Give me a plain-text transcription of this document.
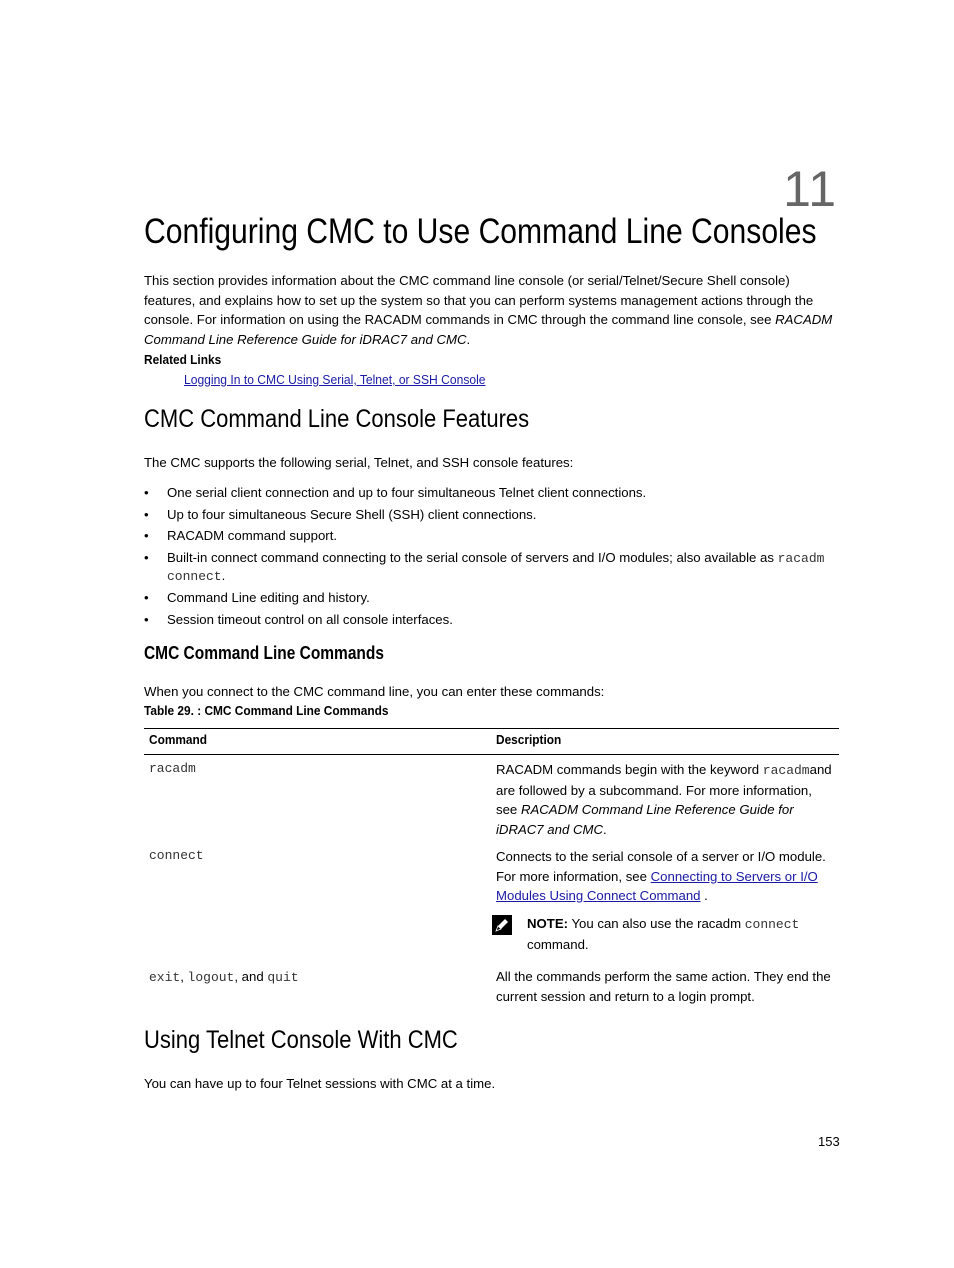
11
Configuring CMC to Use Command Line Consoles
This section provides information about the CMC command line console (or serial/Telnet/Secure Shell console) features, and explains how to set up the system so that you can perform systems management actions through the console. For information on using the RACADM commands in CMC through the command line console, see RACADM Command Line Reference Guide for iDRAC7 and CMC.
Related Links
Logging In to CMC Using Serial, Telnet, or SSH Console
CMC Command Line Console Features
The CMC supports the following serial, Telnet, and SSH console features:
• One serial client connection and up to four simultaneous Telnet client connections.
• Up to four simultaneous Secure Shell (SSH) client connections.
• RACADM command support.
• Built-in connect command connecting to the serial console of servers and I/O modules; also available as racadm connect.
• Command Line editing and history.
• Session timeout control on all console interfaces.
CMC Command Line Commands
When you connect to the CMC command line, you can enter these commands:
Table 29. : CMC Command Line Commands
Command	Description
racadm	RACADM commands begin with the keyword racadmand are followed by a subcommand. For more information, see RACADM Command Line Reference Guide for iDRAC7 and CMC.
connect	Connects to the serial console of a server or I/O module. For more information, see Connecting to Servers or I/O Modules Using Connect Command .
NOTE: You can also use the racadm connect
command.
exit, logout, and quit	All the commands perform the same action. They end the current session and return to a login prompt.
Using Telnet Console With CMC
You can have up to four Telnet sessions with CMC at a time.
153
